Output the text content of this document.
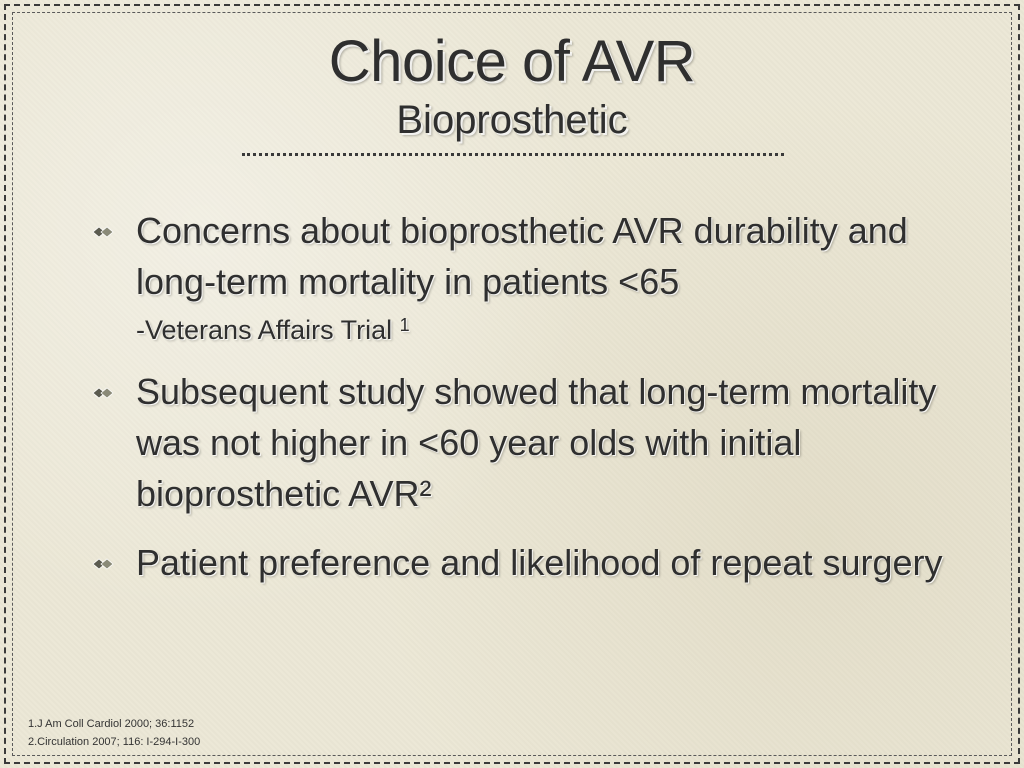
Choice of AVR
Bioprosthetic
Concerns about bioprosthetic AVR durability and long-term mortality in patients <65
-Veterans Affairs Trial $^1$
Subsequent study showed that long-term mortality was not higher in <60 year olds with initial bioprosthetic AVR²
Patient preference and likelihood of repeat surgery
1.J Am Coll Cardiol 2000; 36:1152
2.Circulation 2007; 116: I-294-I-300
